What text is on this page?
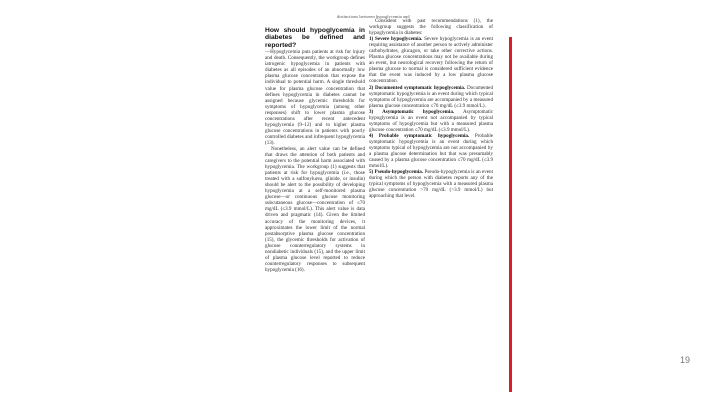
distinctions between hypoglycemia and
How should hypoglycemia in diabetes be defined and reported?
—Hypoglycemia puts patients at risk for injury and death. Consequently, the workgroup defines iatrogenic hypoglycemia in patients with diabetes as all episodes of an abnormally low plasma glucose concentration that expose the individual to potential harm. A single threshold value for plasma glucose concentration that defines hypoglycemia in diabetes cannot be assigned because glycemic thresholds for symptoms of hypoglycemia (among other responses) shift to lower plasma glucose concentrations after recent antecedent hypoglycemia (9–12) and to higher plasma glucose concentrations in patients with poorly controlled diabetes and infrequent hypoglycemia (13).
Nonetheless, an alert value can be defined that draws the attention of both patients and caregivers to the potential harm associated with hypoglycemia. The workgroup (1) suggests that patients at risk for hypoglycemia (i.e., those treated with a sulfonylurea, glinide, or insulin) should be alert to the possibility of developing hypoglycemia at a self-monitored plasma glucose—or continuous glucose monitoring subcutaneous glucose—concentration of ≤70 mg/dL (≤3.9 mmol/L). This alert value is data driven and pragmatic (14). Given the limited accuracy of the monitoring devices, it approximates the lower limit of the normal postabsorptive plasma glucose concentration (15), the glycemic thresholds for activation of glucose counterregulatory systems in nondiabetic individuals (15), and the upper limit of plasma glucose level reported to reduce counterregulatory responses to subsequent hypoglycemia (16).
Consistent with past recommendations (1), the workgroup suggests the following classification of hypoglycemia in diabetes:
1) Severe hypoglycemia. Severe hypoglycemia is an event requiring assistance of another person to actively administer carbohydrates, glucagon, or take other corrective actions. Plasma glucose concentrations may not be available during an event, but neurological recovery following the return of plasma glucose to normal is considered sufficient evidence that the event was induced by a low plasma glucose concentration.
2) Documented symptomatic hypoglycemia. Documented symptomatic hypoglycemia is an event during which typical symptoms of hypoglycemia are accompanied by a measured plasma glucose concentration ≤70 mg/dL (≤3.9 mmol/L).
3) Asymptomatic hypoglycemia. Asymptomatic hypoglycemia is an event not accompanied by typical symptoms of hypoglycemia but with a measured plasma glucose concentration ≤70 mg/dL (≤3.9 mmol/L).
4) Probable symptomatic hypoglycemia. Probable symptomatic hypoglycemia is an event during which symptoms typical of hypoglycemia are not accompanied by a plasma glucose determination but that was presumably caused by a plasma glucose concentration ≤70 mg/dL (≤3.9 mmol/L).
5) Pseudo-hypoglycemia. Pseudo-hypoglycemia is an event during which the person with diabetes reports any of the typical symptoms of hypoglycemia with a measured plasma glucose concentration >70 mg/dL (>3.9 mmol/L) but approaching that level.
19
